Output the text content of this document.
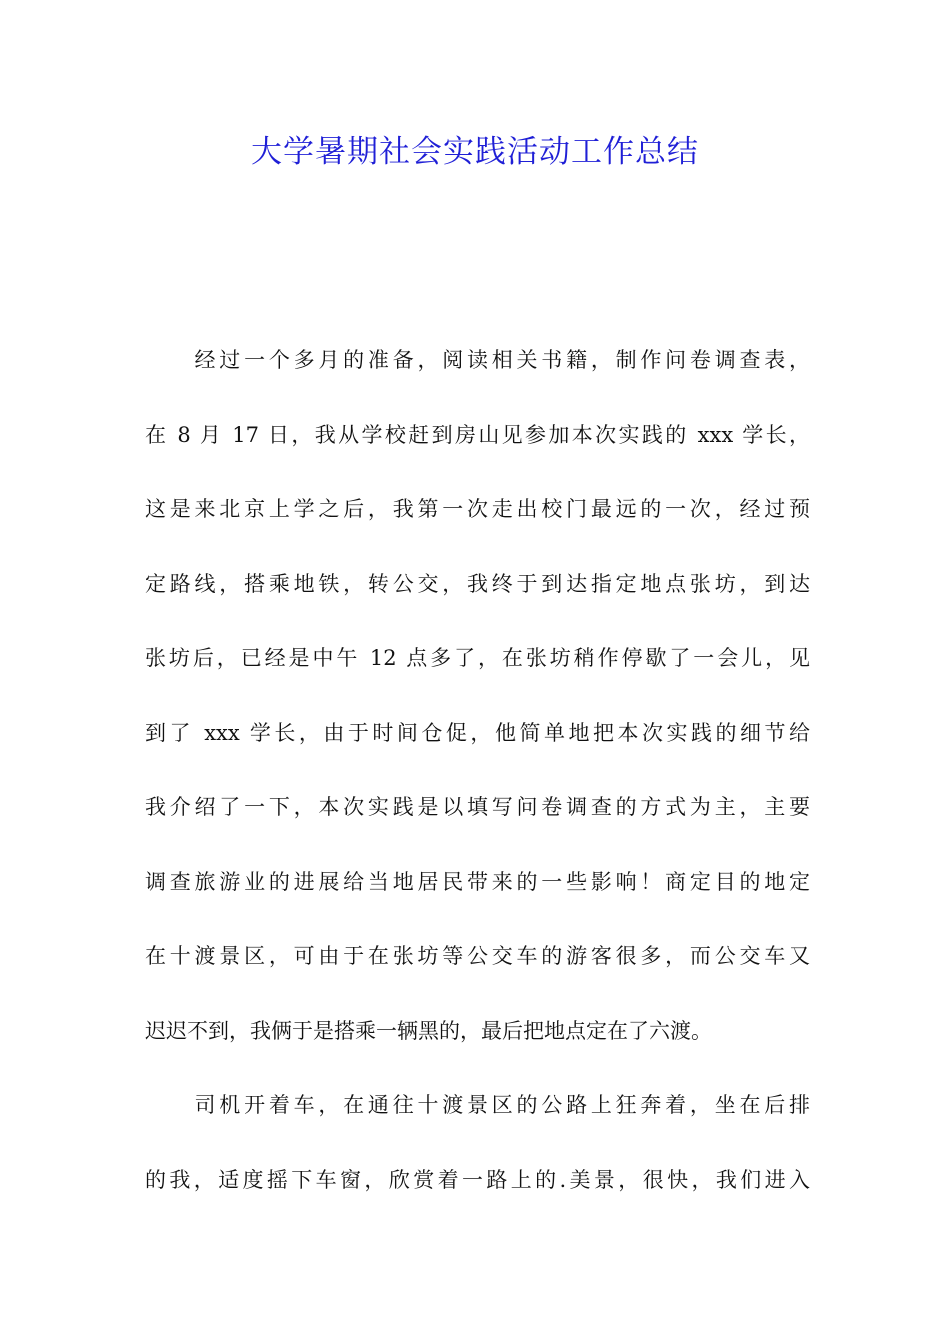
大学暑期社会实践活动工作总结
　　经过一个多月的准备，阅读相关书籍，制作问卷调查表，
在 8 月 17 日，我从学校赶到房山见参加本次实践的 xxx 学长，
这是来北京上学之后，我第一次走出校门最远的一次，经过预
定路线，搭乘地铁，转公交，我终于到达指定地点张坊，到达
张坊后，已经是中午 12 点多了，在张坊稍作停歇了一会儿，见
到了 xxx 学长，由于时间仓促，他简单地把本次实践的细节给
我介绍了一下，本次实践是以填写问卷调查的方式为主，主要
调查旅游业的进展给当地居民带来的一些影响！商定目的地定
在十渡景区，可由于在张坊等公交车的游客很多，而公交车又
迟迟不到，我俩于是搭乘一辆黑的，最后把地点定在了六渡。
　　司机开着车，在通往十渡景区的公路上狂奔着，坐在后排
的我，适度摇下车窗，欣赏着一路上的.美景，很快，我们进入
